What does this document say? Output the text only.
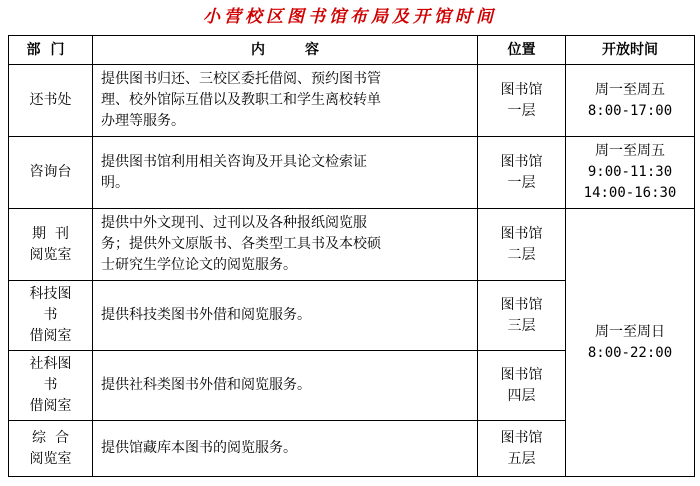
小营校区图书馆布局及开馆时间
部门	内容	位置	开放时间

还书处	提供图书归还、三校区委托借阅、预约图书管
理、校外馆际互借以及教职工和学生离校转单
办理等服务。	图书馆
一层	周一至周五
8:00-17:00

咨询台	提供图书馆利用相关咨询及开具论文检索证
明。	图书馆
一层	周一至周五
9:00-11:30
14:00-16:30

期  刊
阅览室	提供中外文现刊、过刊以及各种报纸阅览服
务；提供外文原版书、各类型工具书及本校硕
士研究生学位论文的阅览服务。	图书馆
二层	周一至周日
8:00-22:00

科技图
书
借阅室	提供科技类图书外借和阅览服务。	图书馆
三层	

社科图
书
借阅室	提供社科类图书外借和阅览服务。	图书馆
四层	

综  合
阅览室	提供馆藏库本图书的阅览服务。	图书馆
五层	
